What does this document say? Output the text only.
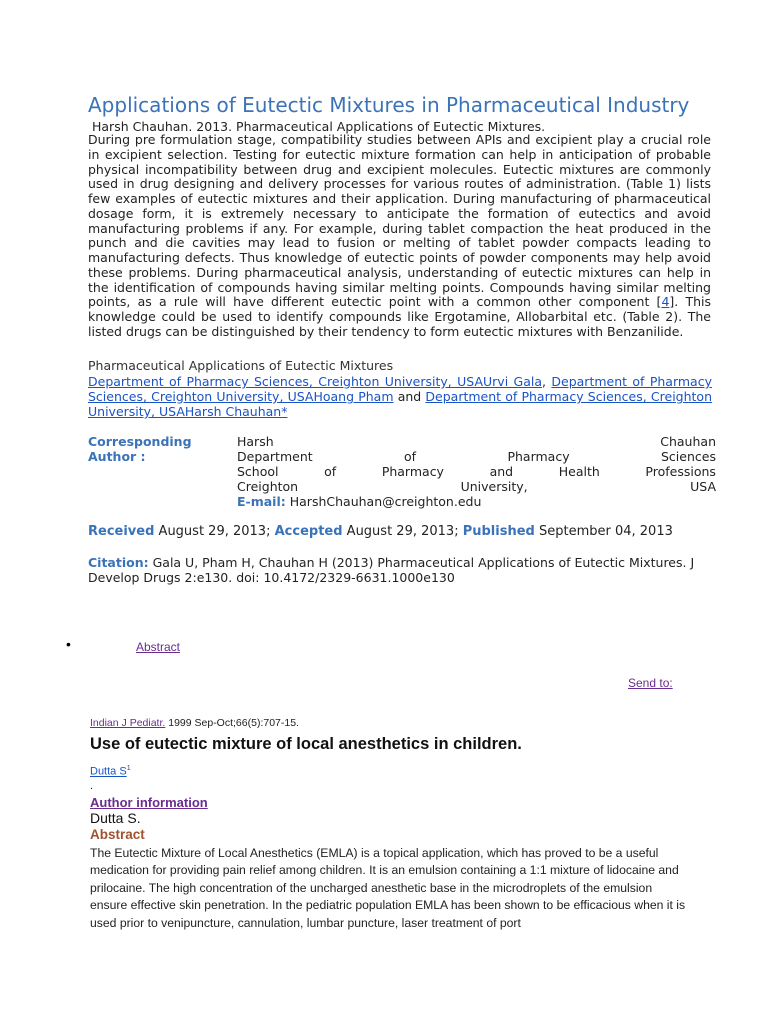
Applications of Eutectic Mixtures in Pharmaceutical Industry
Harsh Chauhan. 2013. Pharmaceutical Applications of Eutectic Mixtures.
During pre formulation stage, compatibility studies between APIs and excipient play a crucial role in excipient selection. Testing for eutectic mixture formation can help in anticipation of probable physical incompatibility between drug and excipient molecules. Eutectic mixtures are commonly used in drug designing and delivery processes for various routes of administration. (Table 1) lists few examples of eutectic mixtures and their application. During manufacturing of pharmaceutical dosage form, it is extremely necessary to anticipate the formation of eutectics and avoid manufacturing problems if any. For example, during tablet compaction the heat produced in the punch and die cavities may lead to fusion or melting of tablet powder compacts leading to manufacturing defects. Thus knowledge of eutectic points of powder components may help avoid these problems. During pharmaceutical analysis, understanding of eutectic mixtures can help in the identification of compounds having similar melting points. Compounds having similar melting points, as a rule will have different eutectic point with a common other component [4]. This knowledge could be used to identify compounds like Ergotamine, Allobarbital etc. (Table 2). The listed drugs can be distinguished by their tendency to form eutectic mixtures with Benzanilide.
Pharmaceutical Applications of Eutectic Mixtures
Department of Pharmacy Sciences, Creighton University, USAUrvi Gala, Department of Pharmacy Sciences, Creighton University, USAHoang Pham and Department of Pharmacy Sciences, Creighton University, USAHarsh Chauhan*
Corresponding Author :
Harsh	Chauhan
Department	of	Pharmacy	Sciences
School	of	Pharmacy	and	Health	Professions
Creighton	University,	USA
E-mail: HarshChauhan@creighton.edu
Received August 29, 2013; Accepted August 29, 2013; Published September 04, 2013
Citation: Gala U, Pham H, Chauhan H (2013) Pharmaceutical Applications of Eutectic Mixtures. J Develop Drugs 2:e130. doi: 10.4172/2329-6631.1000e130
•	Abstract
Send to:
Indian J Pediatr. 1999 Sep-Oct;66(5):707-15.
Use of eutectic mixture of local anesthetics in children.
Dutta $S^1$
.
Author information
Dutta S.
Abstract
The Eutectic Mixture of Local Anesthetics (EMLA) is a topical application, which has proved to be a useful medication for providing pain relief among children. It is an emulsion containing a 1:1 mixture of lidocaine and prilocaine. The high concentration of the uncharged anesthetic base in the microdroplets of the emulsion ensure effective skin penetration. In the pediatric population EMLA has been shown to be efficacious when it is used prior to venipuncture, cannulation, lumbar puncture, laser treatment of port
